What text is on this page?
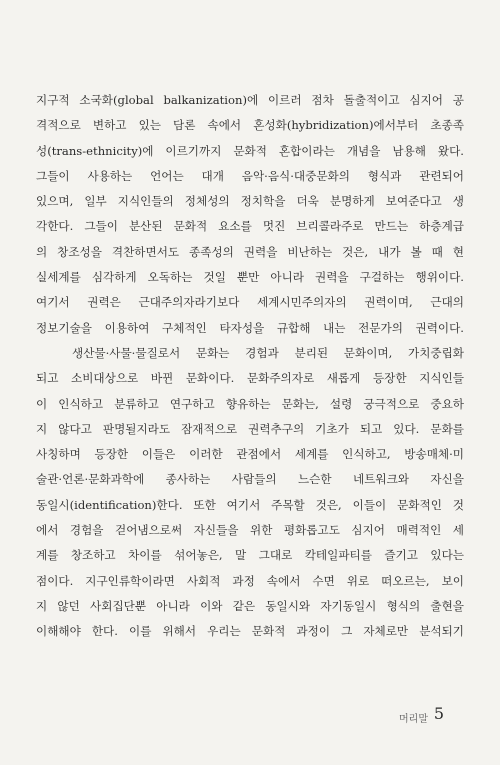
지구적 소국화(global balkanization)에 이르러 점차 돌출적이고 심지어 공
격적으로 변하고 있는 담론 속에서 혼성화(hybridization)에서부터 초종족
성(trans-ethnicity)에 이르기까지 문화적 혼합이라는 개념을 남용해 왔다.
그들이 사용하는 언어는 대개 음악·음식·대중문화의 형식과 관련되어
있으며, 일부 지식인들의 정체성의 정치학을 더욱 분명하게 보여준다고 생
각한다. 그들이 분산된 문화적 요소를 멋진 브리콜라주로 만드는 하층계급
의 창조성을 격찬하면서도 종족성의 권력을 비난하는 것은, 내가 볼 때 현
실세계를 심각하게 오독하는 것일 뿐만 아니라 권력을 구걸하는 행위이다.
여기서 권력은 근대주의자라기보다 세계시민주의자의 권력이며, 근대의
정보기술을 이용하여 구체적인 타자성을 규합해 내는 전문가의 권력이다.
생산물·사물·물질로서 문화는 경험과 분리된 문화이며, 가치중립화
되고 소비대상으로 바뀐 문화이다. 문화주의자로 새롭게 등장한 지식인들
이 인식하고 분류하고 연구하고 향유하는 문화는, 설령 궁극적으로 중요하
지 않다고 판명될지라도 잠재적으로 권력추구의 기초가 되고 있다. 문화를
사칭하며 등장한 이들은 이러한 관점에서 세계를 인식하고, 방송매체·미
술관·언론·문화과학에 종사하는 사람들의 느슨한 네트워크와 자신을
동일시(identification)한다. 또한 여기서 주목할 것은, 이들이 문화적인 것
에서 경험을 걷어냄으로써 자신들을 위한 평화롭고도 심지어 매력적인 세
계를 창조하고 차이를 섞어놓은, 말 그대로 칵테일파티를 즐기고 있다는
점이다. 지구인류학이라면 사회적 과정 속에서 수면 위로 떠오르는, 보이
지 않던 사회집단뿐 아니라 이와 같은 동일시와 자기동일시 형식의 출현을
이해해야 한다. 이를 위해서 우리는 문화적 과정이 그 자체로만 분석되기
머리말 5
